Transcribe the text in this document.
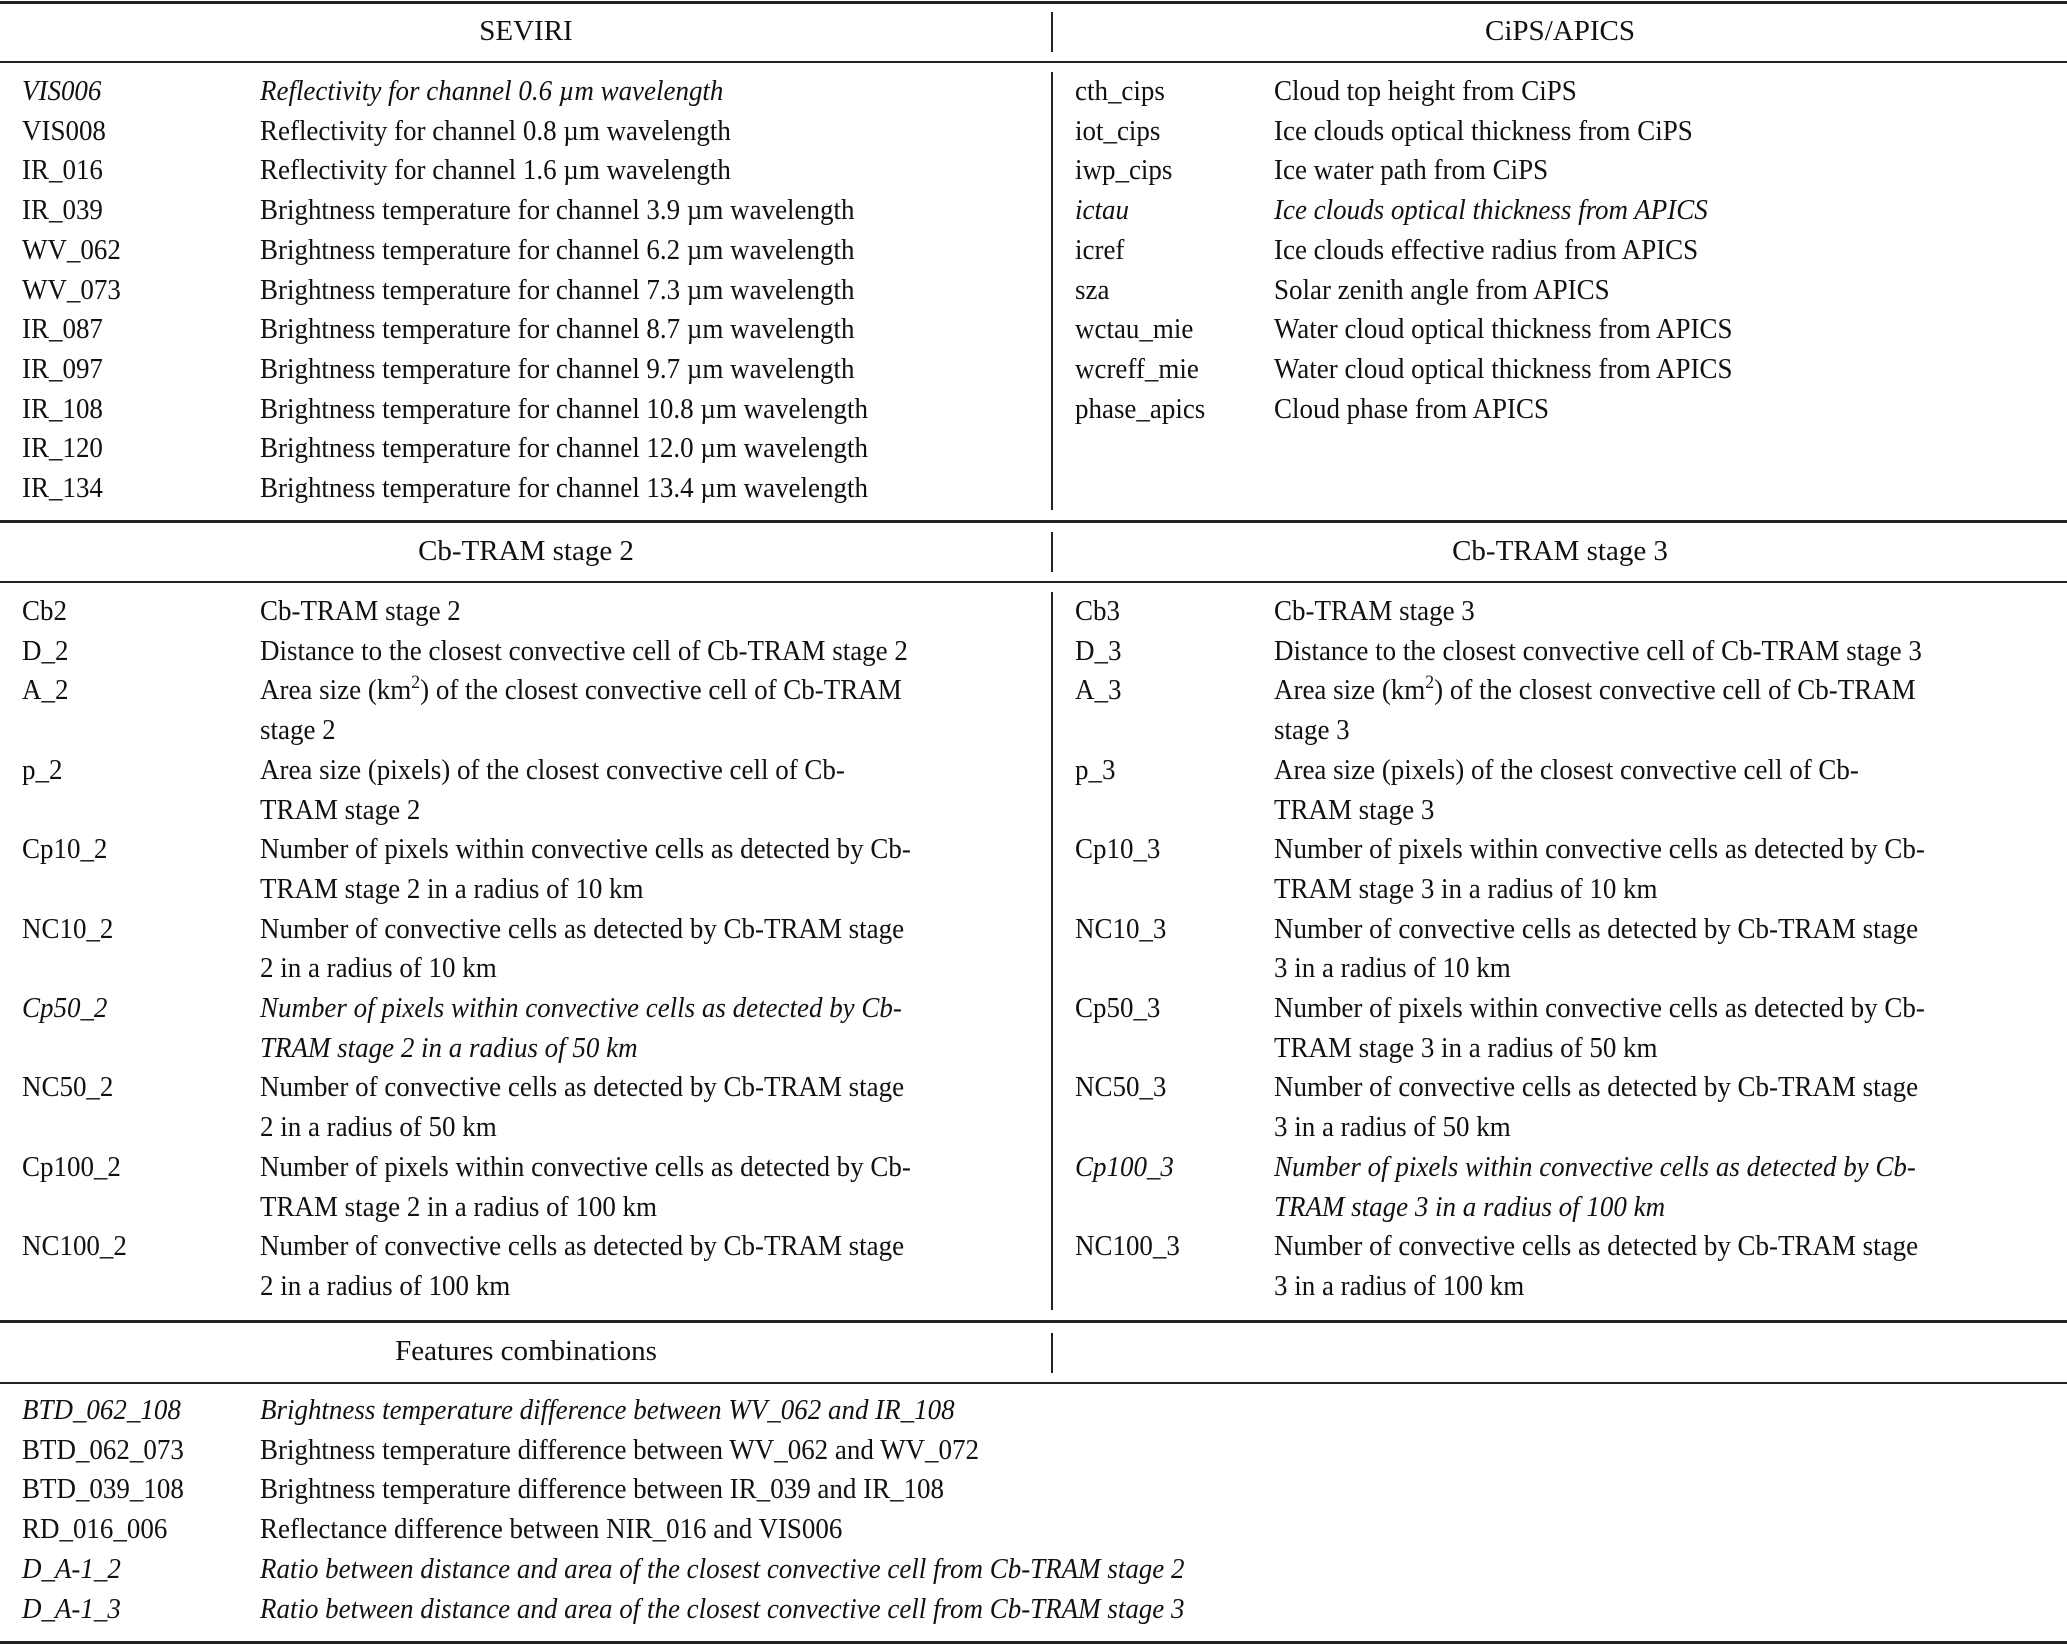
SEVIRI	CiPS/APICS
Cb-TRAM stage 2	Cb-TRAM stage 3
Features combinations
VIS006	Reflectivity for channel 0.6 µm wavelength
VIS008	Reflectivity for channel 0.8 µm wavelength
IR_016	Reflectivity for channel 1.6 µm wavelength
IR_039	Brightness temperature for channel 3.9 µm wavelength
WV_062	Brightness temperature for channel 6.2 µm wavelength
WV_073	Brightness temperature for channel 7.3 µm wavelength
IR_087	Brightness temperature for channel 8.7 µm wavelength
IR_097	Brightness temperature for channel 9.7 µm wavelength
IR_108	Brightness temperature for channel 10.8 µm wavelength
IR_120	Brightness temperature for channel 12.0 µm wavelength
IR_134	Brightness temperature for channel 13.4 µm wavelength
cth_cips	Cloud top height from CiPS
iot_cips	Ice clouds optical thickness from CiPS
iwp_cips	Ice water path from CiPS
ictau	Ice clouds optical thickness from APICS
icref	Ice clouds effective radius from APICS
sza	Solar zenith angle from APICS
wctau_mie	Water cloud optical thickness from APICS
wcreff_mie	Water cloud optical thickness from APICS
phase_apics Cloud phase from APICS
Cb2	Cb-TRAM stage 2
D_2	Distance to the closest convective cell of Cb-TRAM stage 2
A_2	Area size $(km^2)$ of the closest convective cell of Cb-TRAM
stage 2
p_2	Area size (pixels) of the closest convective cell of Cb-
TRAM stage 2
Cp10_2	Number of pixels within convective cells as detected by Cb-
TRAM stage 2 in a radius of 10 km
NC10_2	Number of convective cells as detected by Cb-TRAM stage
2 in a radius of 10 km
Cp50_2	Number of pixels within convective cells as detected by Cb-
TRAM stage 2 in a radius of 50 km
NC50_2	Number of convective cells as detected by Cb-TRAM stage
2 in a radius of 50 km
Cp100_2	Number of pixels within convective cells as detected by Cb-
TRAM stage 2 in a radius of 100 km
NC100_2	Number of convective cells as detected by Cb-TRAM stage
2 in a radius of 100 km
Cb3	Cb-TRAM stage 3
D_3	Distance to the closest convective cell of Cb-TRAM stage 3
A_3	Area size $(km^2)$ of the closest convective cell of Cb-TRAM
stage 3
p_3	Area size (pixels) of the closest convective cell of Cb-
TRAM stage 3
Cp10_3	Number of pixels within convective cells as detected by Cb-
TRAM stage 3 in a radius of 10 km
NC10_3	Number of convective cells as detected by Cb-TRAM stage
3 in a radius of 10 km
Cp50_3	Number of pixels within convective cells as detected by Cb-
TRAM stage 3 in a radius of 50 km
NC50_3	Number of convective cells as detected by Cb-TRAM stage
3 in a radius of 50 km
Cp100_3	Number of pixels within convective cells as detected by Cb-
TRAM stage 3 in a radius of 100 km
NC100_3	Number of convective cells as detected by Cb-TRAM stage
3 in a radius of 100 km
BTD_062_108	Brightness temperature difference between WV_062 and IR_108
BTD_062_073	Brightness temperature difference between WV_062 and WV_072
BTD_039_108	Brightness temperature difference between IR_039 and IR_108
RD_016_006	Reflectance difference between NIR_016 and VIS006
D_A-1_2	Ratio between distance and area of the closest convective cell from Cb-TRAM stage 2
D_A-1_3	Ratio between distance and area of the closest convective cell from Cb-TRAM stage 3
